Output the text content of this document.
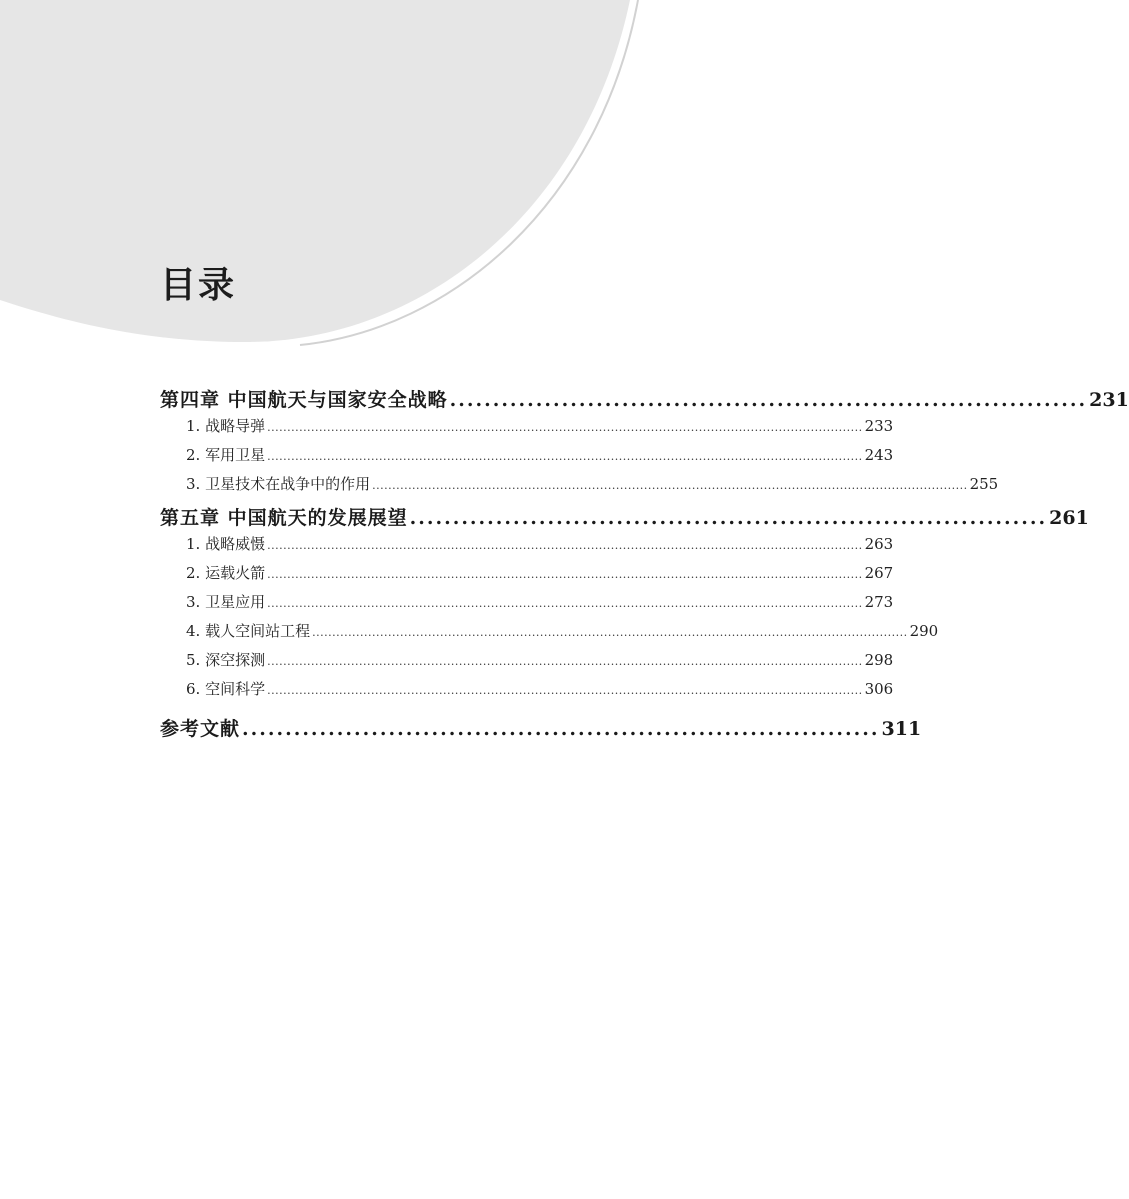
目录
第四章 中国航天与国家安全战略 .......................................................................... 231
1. 战略导弹 ..................................................................................................................................................... 233
2. 军用卫星 ..................................................................................................................................................... 243
3. 卫星技术在战争中的作用 ..................................................................................................................................................... 255
第五章 中国航天的发展展望 .......................................................................... 261
1. 战略威慑 ..................................................................................................................................................... 263
2. 运载火箭 ..................................................................................................................................................... 267
3. 卫星应用 ..................................................................................................................................................... 273
4. 载人空间站工程 ..................................................................................................................................................... 290
5. 深空探测 ..................................................................................................................................................... 298
6. 空间科学 ..................................................................................................................................................... 306
参考文献 .......................................................................... 311
